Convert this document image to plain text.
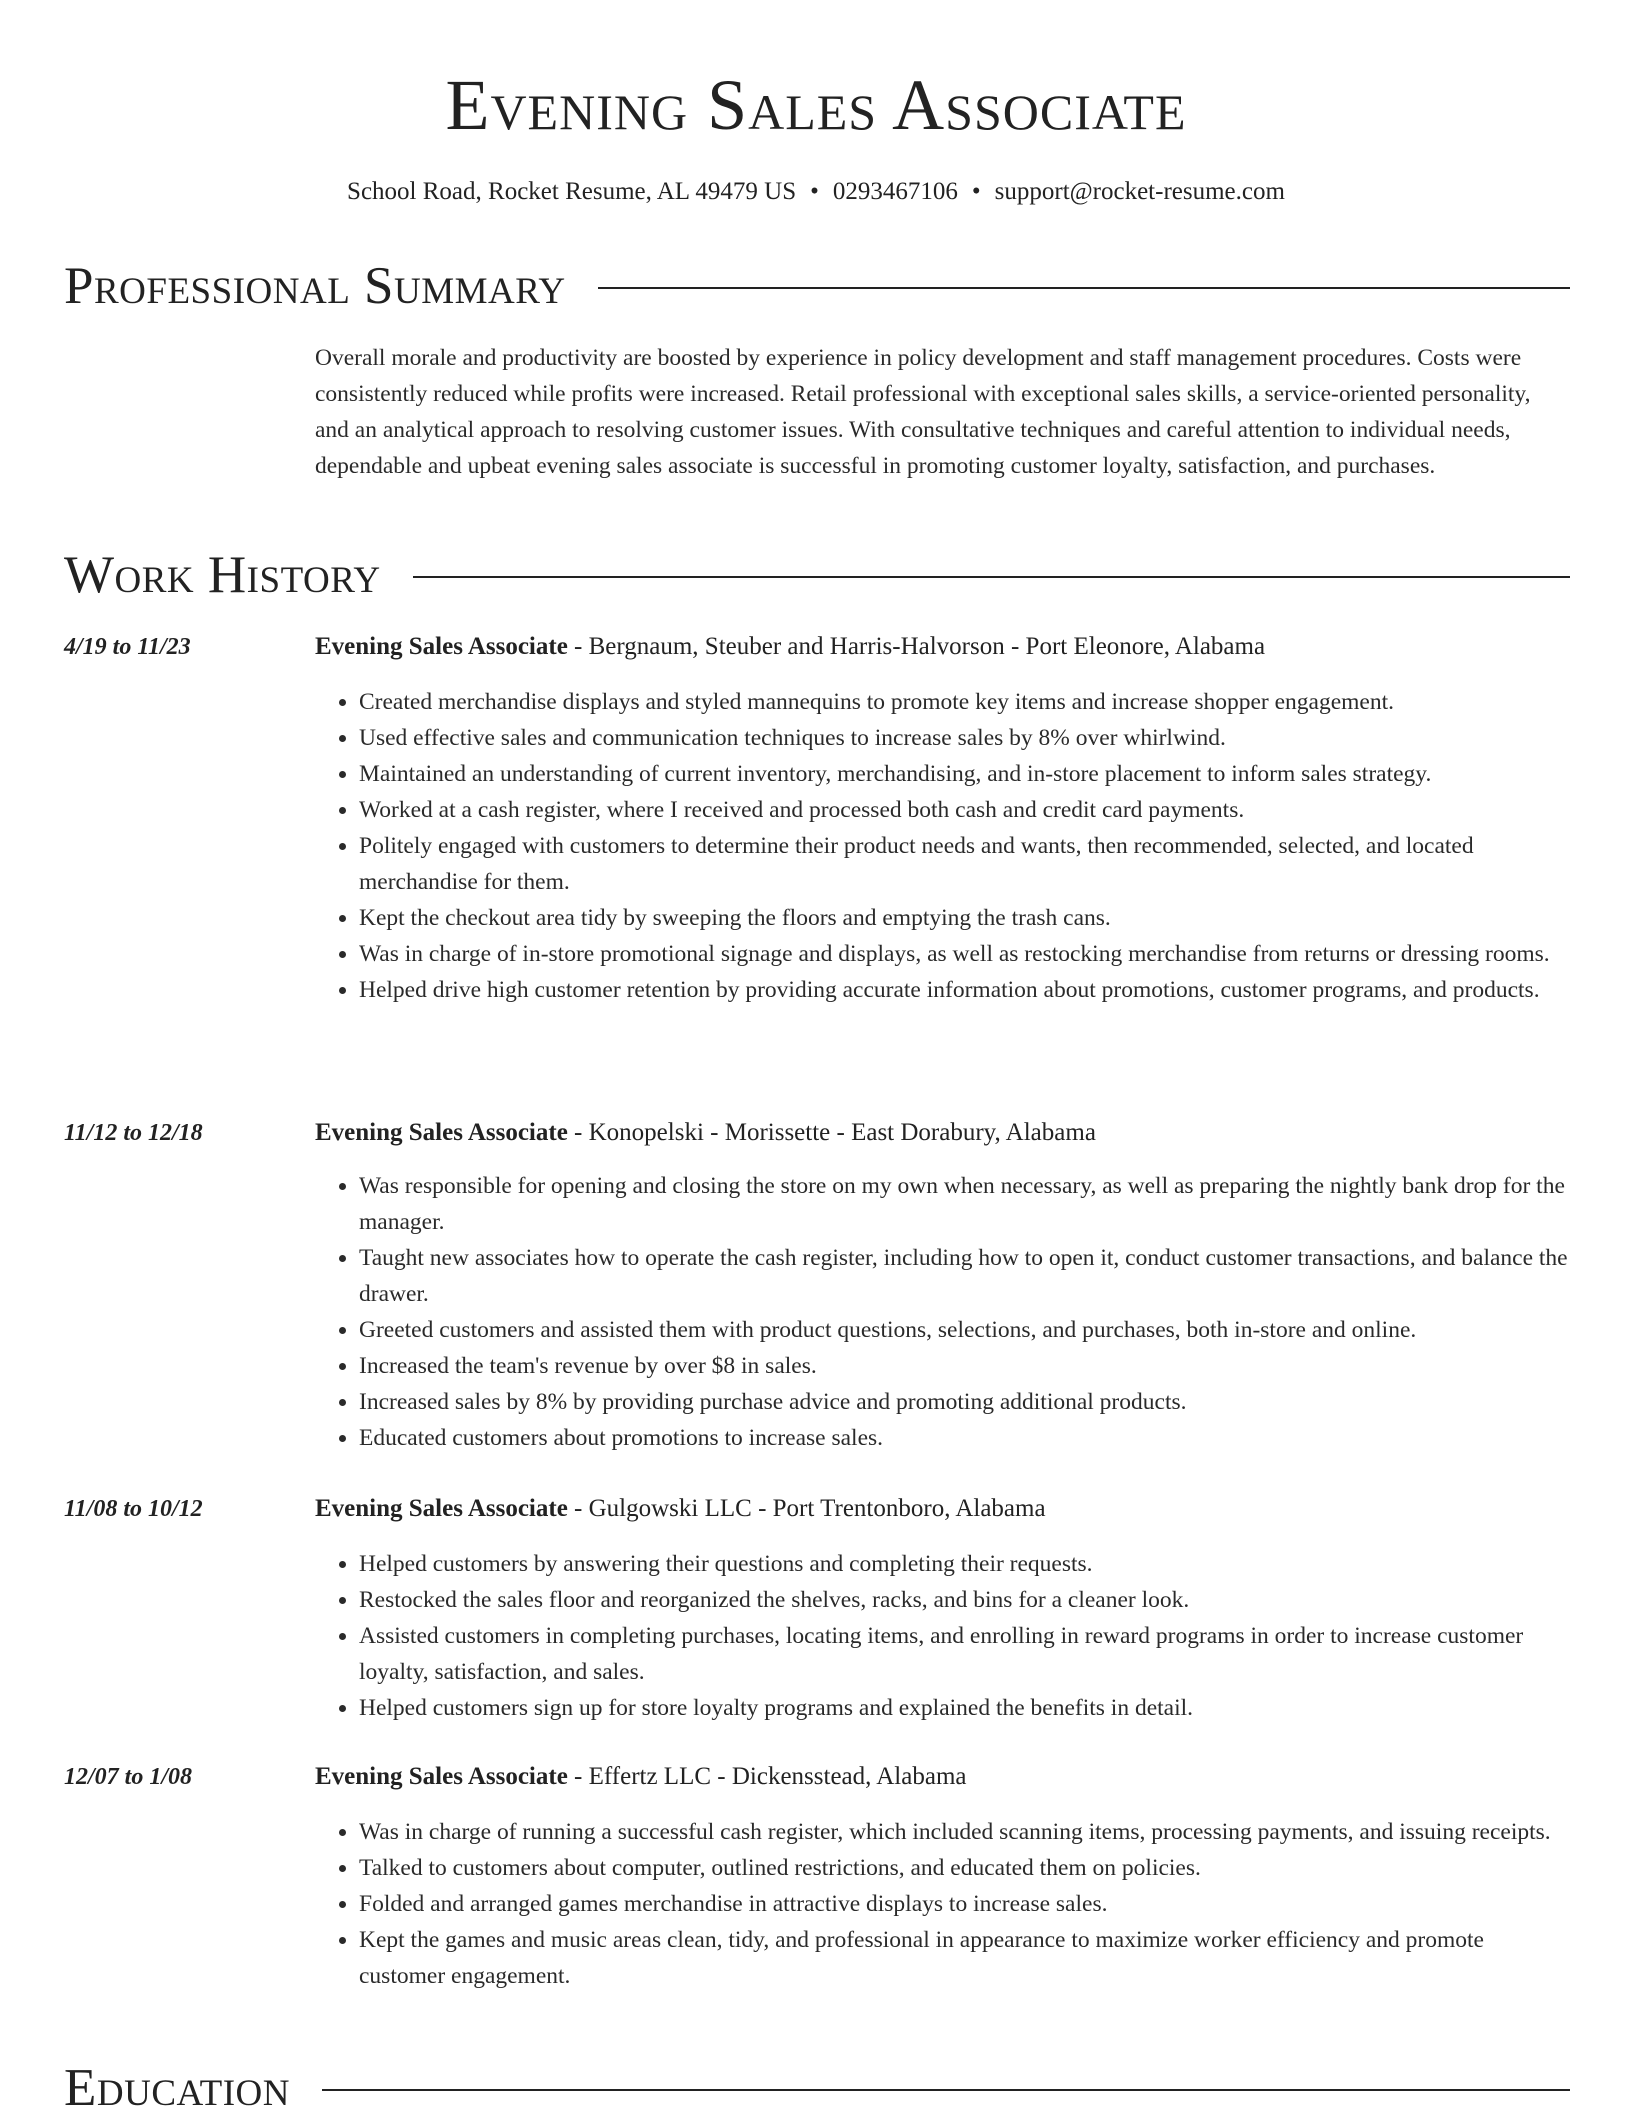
Evening Sales Associate
School Road, Rocket Resume, AL 49479 US • 0293467106 • support@rocket-resume.com
Professional Summary
Overall morale and productivity are boosted by experience in policy development and staff management procedures. Costs were consistently reduced while profits were increased. Retail professional with exceptional sales skills, a service-oriented personality, and an analytical approach to resolving customer issues. With consultative techniques and careful attention to individual needs, dependable and upbeat evening sales associate is successful in promoting customer loyalty, satisfaction, and purchases.
Work History
4/19 to 11/23	Evening Sales Associate - Bergnaum, Steuber and Harris-Halvorson - Port Eleonore, Alabama
• Created merchandise displays and styled mannequins to promote key items and increase shopper engagement.
• Used effective sales and communication techniques to increase sales by 8% over whirlwind.
• Maintained an understanding of current inventory, merchandising, and in-store placement to inform sales strategy.
• Worked at a cash register, where I received and processed both cash and credit card payments.
• Politely engaged with customers to determine their product needs and wants, then recommended, selected, and located merchandise for them.
• Kept the checkout area tidy by sweeping the floors and emptying the trash cans.
• Was in charge of in-store promotional signage and displays, as well as restocking merchandise from returns or dressing rooms.
• Helped drive high customer retention by providing accurate information about promotions, customer programs, and products.
11/12 to 12/18	Evening Sales Associate - Konopelski - Morissette - East Dorabury, Alabama
• Was responsible for opening and closing the store on my own when necessary, as well as preparing the nightly bank drop for the manager.
• Taught new associates how to operate the cash register, including how to open it, conduct customer transactions, and balance the drawer.
• Greeted customers and assisted them with product questions, selections, and purchases, both in-store and online.
• Increased the team's revenue by over $8 in sales.
• Increased sales by 8% by providing purchase advice and promoting additional products.
• Educated customers about promotions to increase sales.
11/08 to 10/12	Evening Sales Associate - Gulgowski LLC - Port Trentonboro, Alabama
• Helped customers by answering their questions and completing their requests.
• Restocked the sales floor and reorganized the shelves, racks, and bins for a cleaner look.
• Assisted customers in completing purchases, locating items, and enrolling in reward programs in order to increase customer loyalty, satisfaction, and sales.
• Helped customers sign up for store loyalty programs and explained the benefits in detail.
12/07 to 1/08	Evening Sales Associate - Effertz LLC - Dickensstead, Alabama
• Was in charge of running a successful cash register, which included scanning items, processing payments, and issuing receipts.
• Talked to customers about computer, outlined restrictions, and educated them on policies.
• Folded and arranged games merchandise in attractive displays to increase sales.
• Kept the games and music areas clean, tidy, and professional in appearance to maximize worker efficiency and promote customer engagement.
Education
